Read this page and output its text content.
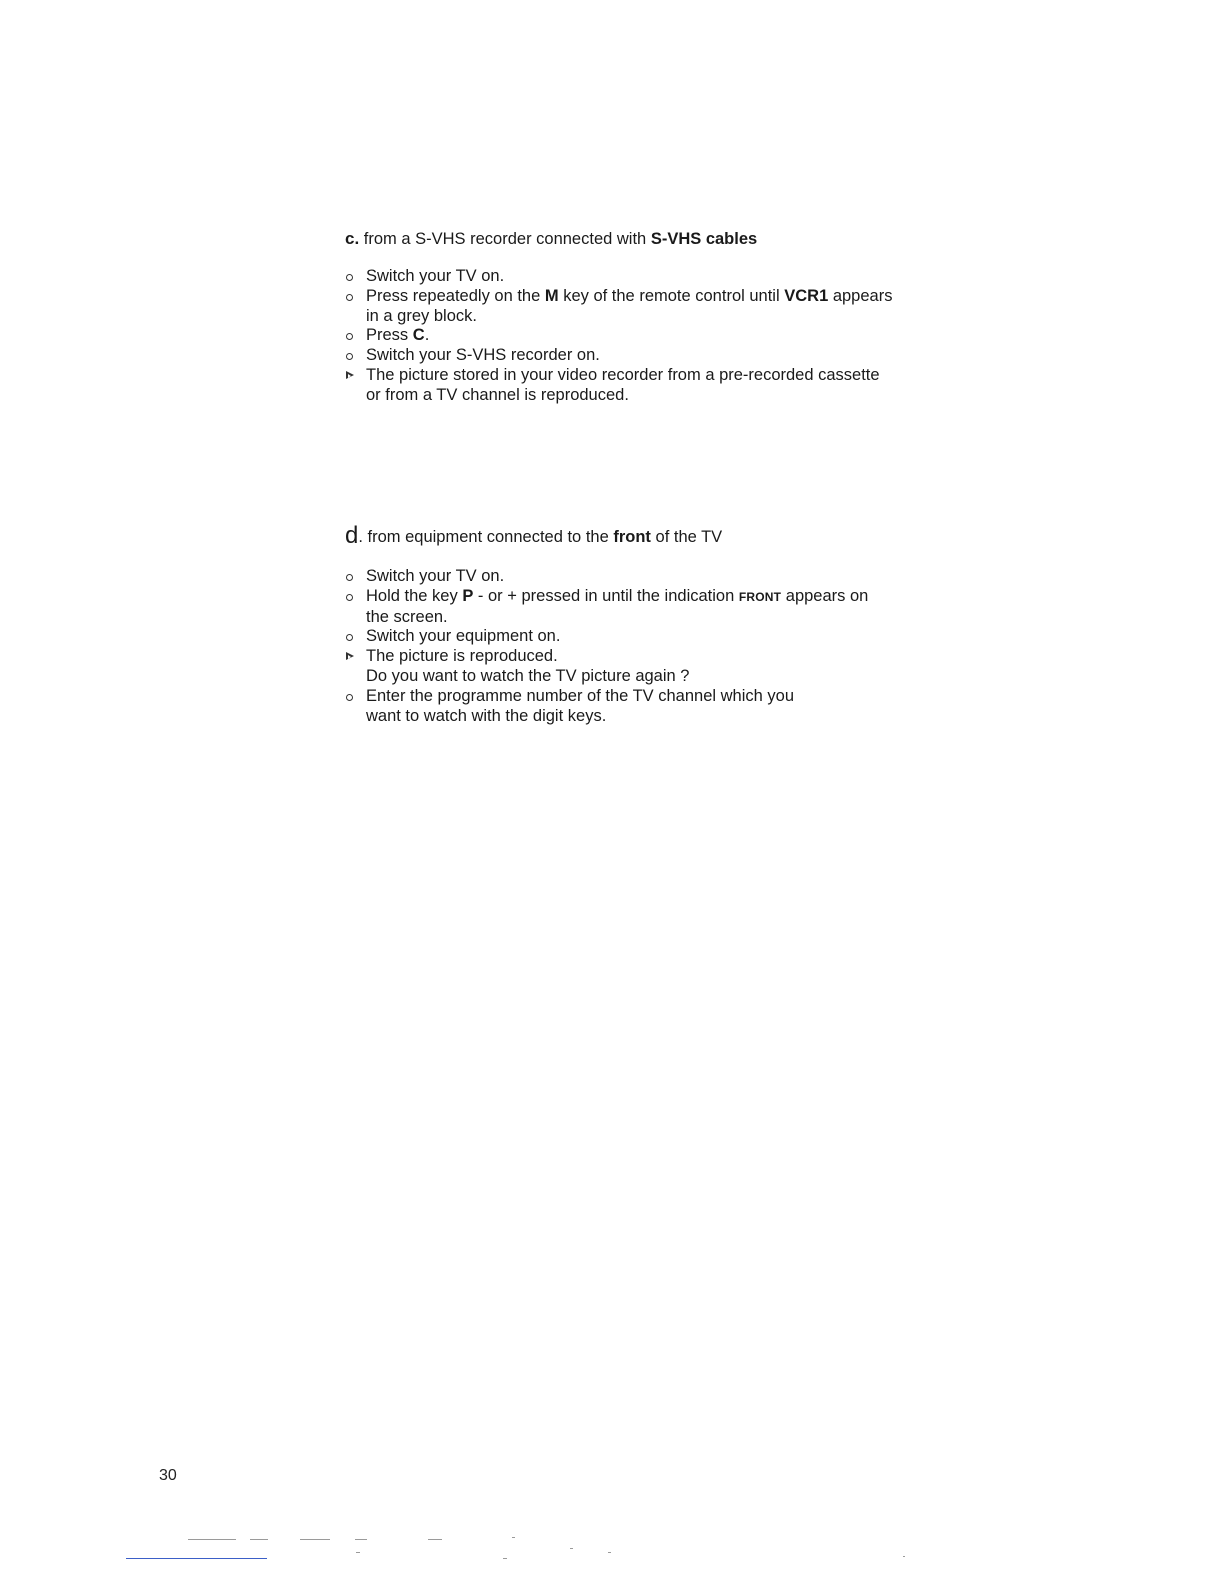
c. from a S-VHS recorder connected with S-VHS cables
Switch your TV on.
Press repeatedly on the M key of the remote control until VCR1 appears
in a grey block.
Press C.
Switch your S-VHS recorder on.
The picture stored in your video recorder from a pre-recorded cassette
or from a TV channel is reproduced.
d. from equipment connected to the front of the TV
Switch your TV on.
Hold the key P - or + pressed in until the indication FRONT appears on
the screen.
Switch your equipment on.
The picture is reproduced.
Do you want to watch the TV picture again ?
Enter the programme number of the TV channel which you
want to watch with the digit keys.
30
